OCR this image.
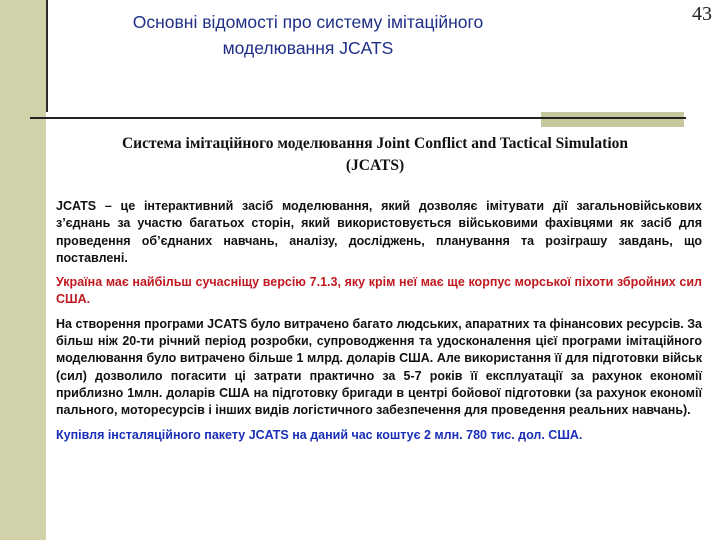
Основні відомості про систему імітаційного
моделювання JCATS
43
Система імітаційного моделювання Joint Conflict and Tactical Simulation
(JCATS)

JCATS – це інтерактивний засіб моделювання, який дозволяє імітувати дії загальновійськових з’єднань за участю багатьох сторін, який використовується військовими фахівцями як засіб для проведення об’єднаних навчань, аналізу, досліджень, планування та розіграшу завдань, що поставлені.

Україна має найбільш сучасніщу версію 7.1.3, яку крім неї має ще корпус морської піхоти збройних сил США.

На створення програми JCATS було витрачено багато людських, апаратних та фінансових ресурсів. За більш ніж 20-ти річний період розробки, супроводження та удосконалення цієї програми імітаційного моделювання було витрачено більше 1 млрд. доларів США. Але використання її для підготовки військ (сил) дозволило погасити ці затрати практично за 5-7 років її експлуатації за рахунок економії приблизно 1млн. доларів США на підготовку бригади в центрі бойової підготовки (за рахунок економії пального, моторесурсів і інших видів логістичного забезпечення для проведення реальних навчань).

Купівля інсталяційного пакету JCATS на даний час коштує 2 млн. 780 тис. дол. США.
